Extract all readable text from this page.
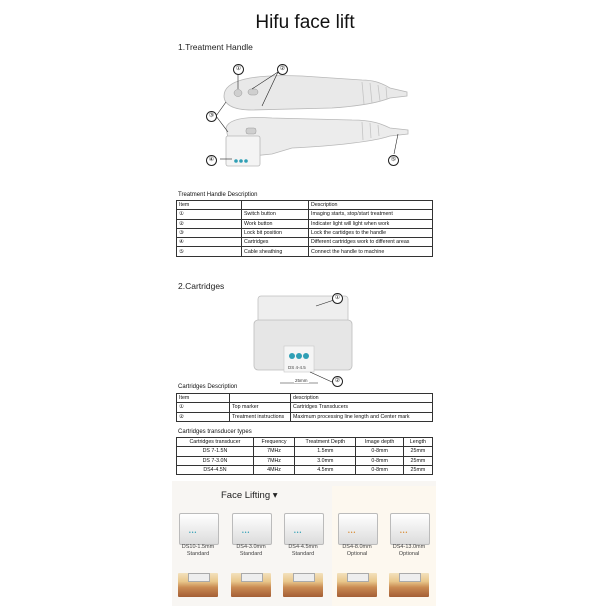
Hifu face lift
1.Treatment Handle
①	②
③
④	⑤
Treatment Handle Description
Item		Description
①	Switch button	Imaging starts, stop/start treatment
②	Work button	Indicater light will light when work
③	Lock bit position	Lock the cartidges to the handle
④	Cartridges	Different cartridges work to different areas
⑤	Cable sheathing	Connect the handle to machine
2.Cartridges
DS 4-4.5
25mm
①
②
Cartridges Description
Item		description
①	Top marker	Cartridges Transducers
②	Treatment instructions	Maximum processing line length and Center mark
Cartridges transducer types
Cartridges transducer	Frequency	Treatment Depth	Image depth	Length
DS 7-1.5N	7MHz	1.5mm	0-8mm	25mm
DS 7-3.0N	7MHz	3.0mm	0-8mm	25mm
DS4-4.5N	4MHz	4.5mm	0-8mm	25mm
Face Lifting ▾
•••
DS10-1.5mm
Standard
•••
DS4-3.0mm
Standard
•••
DS4-4.5mm
Standard
•••
DS4-8.0mm
Optional
•••
DS4-13.0mm
Optional
